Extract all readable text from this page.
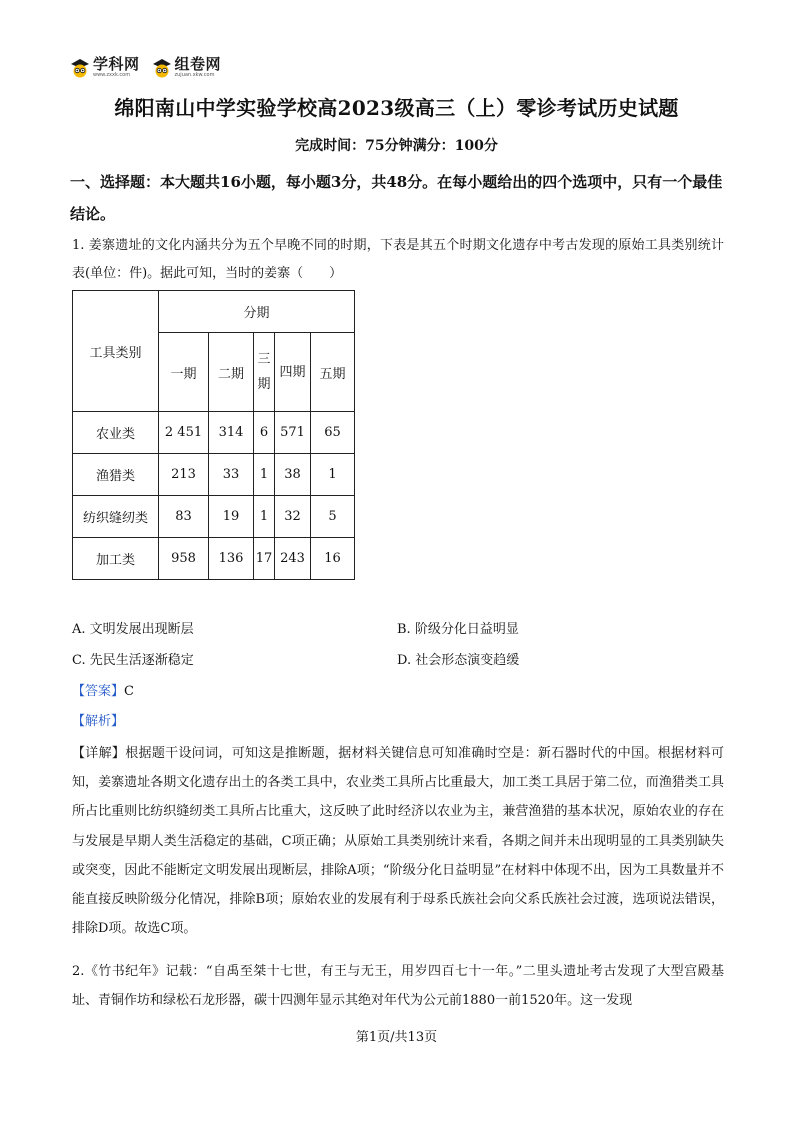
学科网
www.zxxk.com
组卷网
zujuan.xkw.com
绵阳南山中学实验学校高2023级高三（上）零诊考试历史试题
完成时间：75分钟满分：100分
一、选择题：本大题共16小题，每小题3分，共48分。在每小题给出的四个选项中，只有一个最佳结论。
1. 姜寨遗址的文化内涵共分为五个早晚不同的时期，下表是其五个时期文化遗存中考古发现的原始工具类别统计表(单位：件)。据此可知，当时的姜寨（　　）
工具类别	分期				
	一期	二期	三期	四期	五期
农业类	2 451	314	6	571	65
渔猎类	213	33	1	38	1
纺织缝纫类	83	19	1	32	5
加工类	958	136	17	243	16
A. 文明发展出现断层	B. 阶级分化日益明显
C. 先民生活逐渐稳定	D. 社会形态演变趋缓
【答案】C
【解析】
【详解】根据题干设问词，可知这是推断题，据材料关键信息可知准确时空是：新石器时代的中国。根据材料可知，姜寨遗址各期文化遗存出土的各类工具中，农业类工具所占比重最大，加工类工具居于第二位，而渔猎类工具所占比重则比纺织缝纫类工具所占比重大，这反映了此时经济以农业为主，兼营渔猎的基本状况，原始农业的存在与发展是早期人类生活稳定的基础，C项正确；从原始工具类别统计来看，各期之间并未出现明显的工具类别缺失或突变，因此不能断定文明发展出现断层，排除A项；“阶级分化日益明显”在材料中体现不出，因为工具数量并不能直接反映阶级分化情况，排除B项；原始农业的发展有利于母系氏族社会向父系氏族社会过渡，选项说法错误，排除D项。故选C项。
2.《竹书纪年》记载：“自禹至桀十七世，有王与无王，用岁四百七十一年。”二里头遗址考古发现了大型宫殿基址、青铜作坊和绿松石龙形器，碳十四测年显示其绝对年代为公元前1880一前1520年。这一发现
第1页/共13页
